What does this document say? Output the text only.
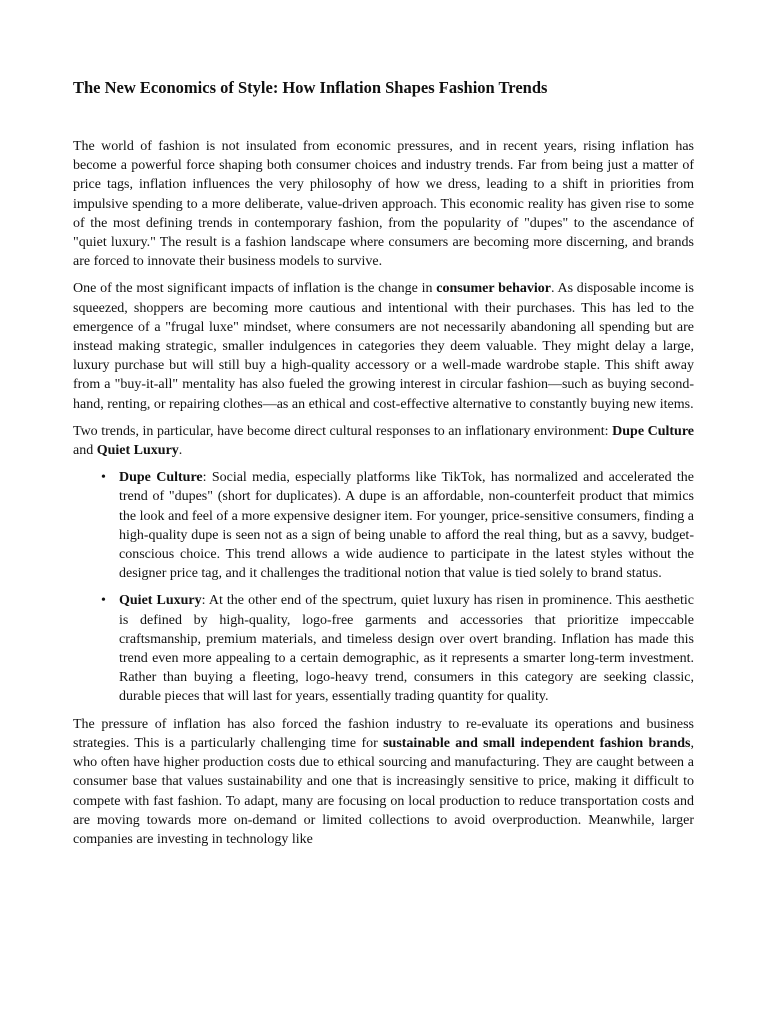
The New Economics of Style: How Inflation Shapes Fashion Trends

The world of fashion is not insulated from economic pressures, and in recent years, rising inflation has become a powerful force shaping both consumer choices and industry trends. Far from being just a matter of price tags, inflation influences the very philosophy of how we dress, leading to a shift in priorities from impulsive spending to a more deliberate, value-driven approach. This economic reality has given rise to some of the most defining trends in contemporary fashion, from the popularity of "dupes" to the ascendance of "quiet luxury." The result is a fashion landscape where consumers are becoming more discerning, and brands are forced to innovate their business models to survive.

One of the most significant impacts of inflation is the change in consumer behavior. As disposable income is squeezed, shoppers are becoming more cautious and intentional with their purchases. This has led to the emergence of a "frugal luxe" mindset, where consumers are not necessarily abandoning all spending but are instead making strategic, smaller indulgences in categories they deem valuable. They might delay a large, luxury purchase but will still buy a high-quality accessory or a well-made wardrobe staple. This shift away from a "buy-it-all" mentality has also fueled the growing interest in circular fashion—such as buying second-hand, renting, or repairing clothes—as an ethical and cost-effective alternative to constantly buying new items.

Two trends, in particular, have become direct cultural responses to an inflationary environment: Dupe Culture and Quiet Luxury.

• Dupe Culture: Social media, especially platforms like TikTok, has normalized and accelerated the trend of "dupes" (short for duplicates). A dupe is an affordable, non-counterfeit product that mimics the look and feel of a more expensive designer item. For younger, price-sensitive consumers, finding a high-quality dupe is seen not as a sign of being unable to afford the real thing, but as a savvy, budget-conscious choice. This trend allows a wide audience to participate in the latest styles without the designer price tag, and it challenges the traditional notion that value is tied solely to brand status.
• Quiet Luxury: At the other end of the spectrum, quiet luxury has risen in prominence. This aesthetic is defined by high-quality, logo-free garments and accessories that prioritize impeccable craftsmanship, premium materials, and timeless design over overt branding. Inflation has made this trend even more appealing to a certain demographic, as it represents a smarter long-term investment. Rather than buying a fleeting, logo-heavy trend, consumers in this category are seeking classic, durable pieces that will last for years, essentially trading quantity for quality.

The pressure of inflation has also forced the fashion industry to re-evaluate its operations and business strategies. This is a particularly challenging time for sustainable and small independent fashion brands, who often have higher production costs due to ethical sourcing and manufacturing. They are caught between a consumer base that values sustainability and one that is increasingly sensitive to price, making it difficult to compete with fast fashion. To adapt, many are focusing on local production to reduce transportation costs and are moving towards more on-demand or limited collections to avoid overproduction. Meanwhile, larger companies are investing in technology like
